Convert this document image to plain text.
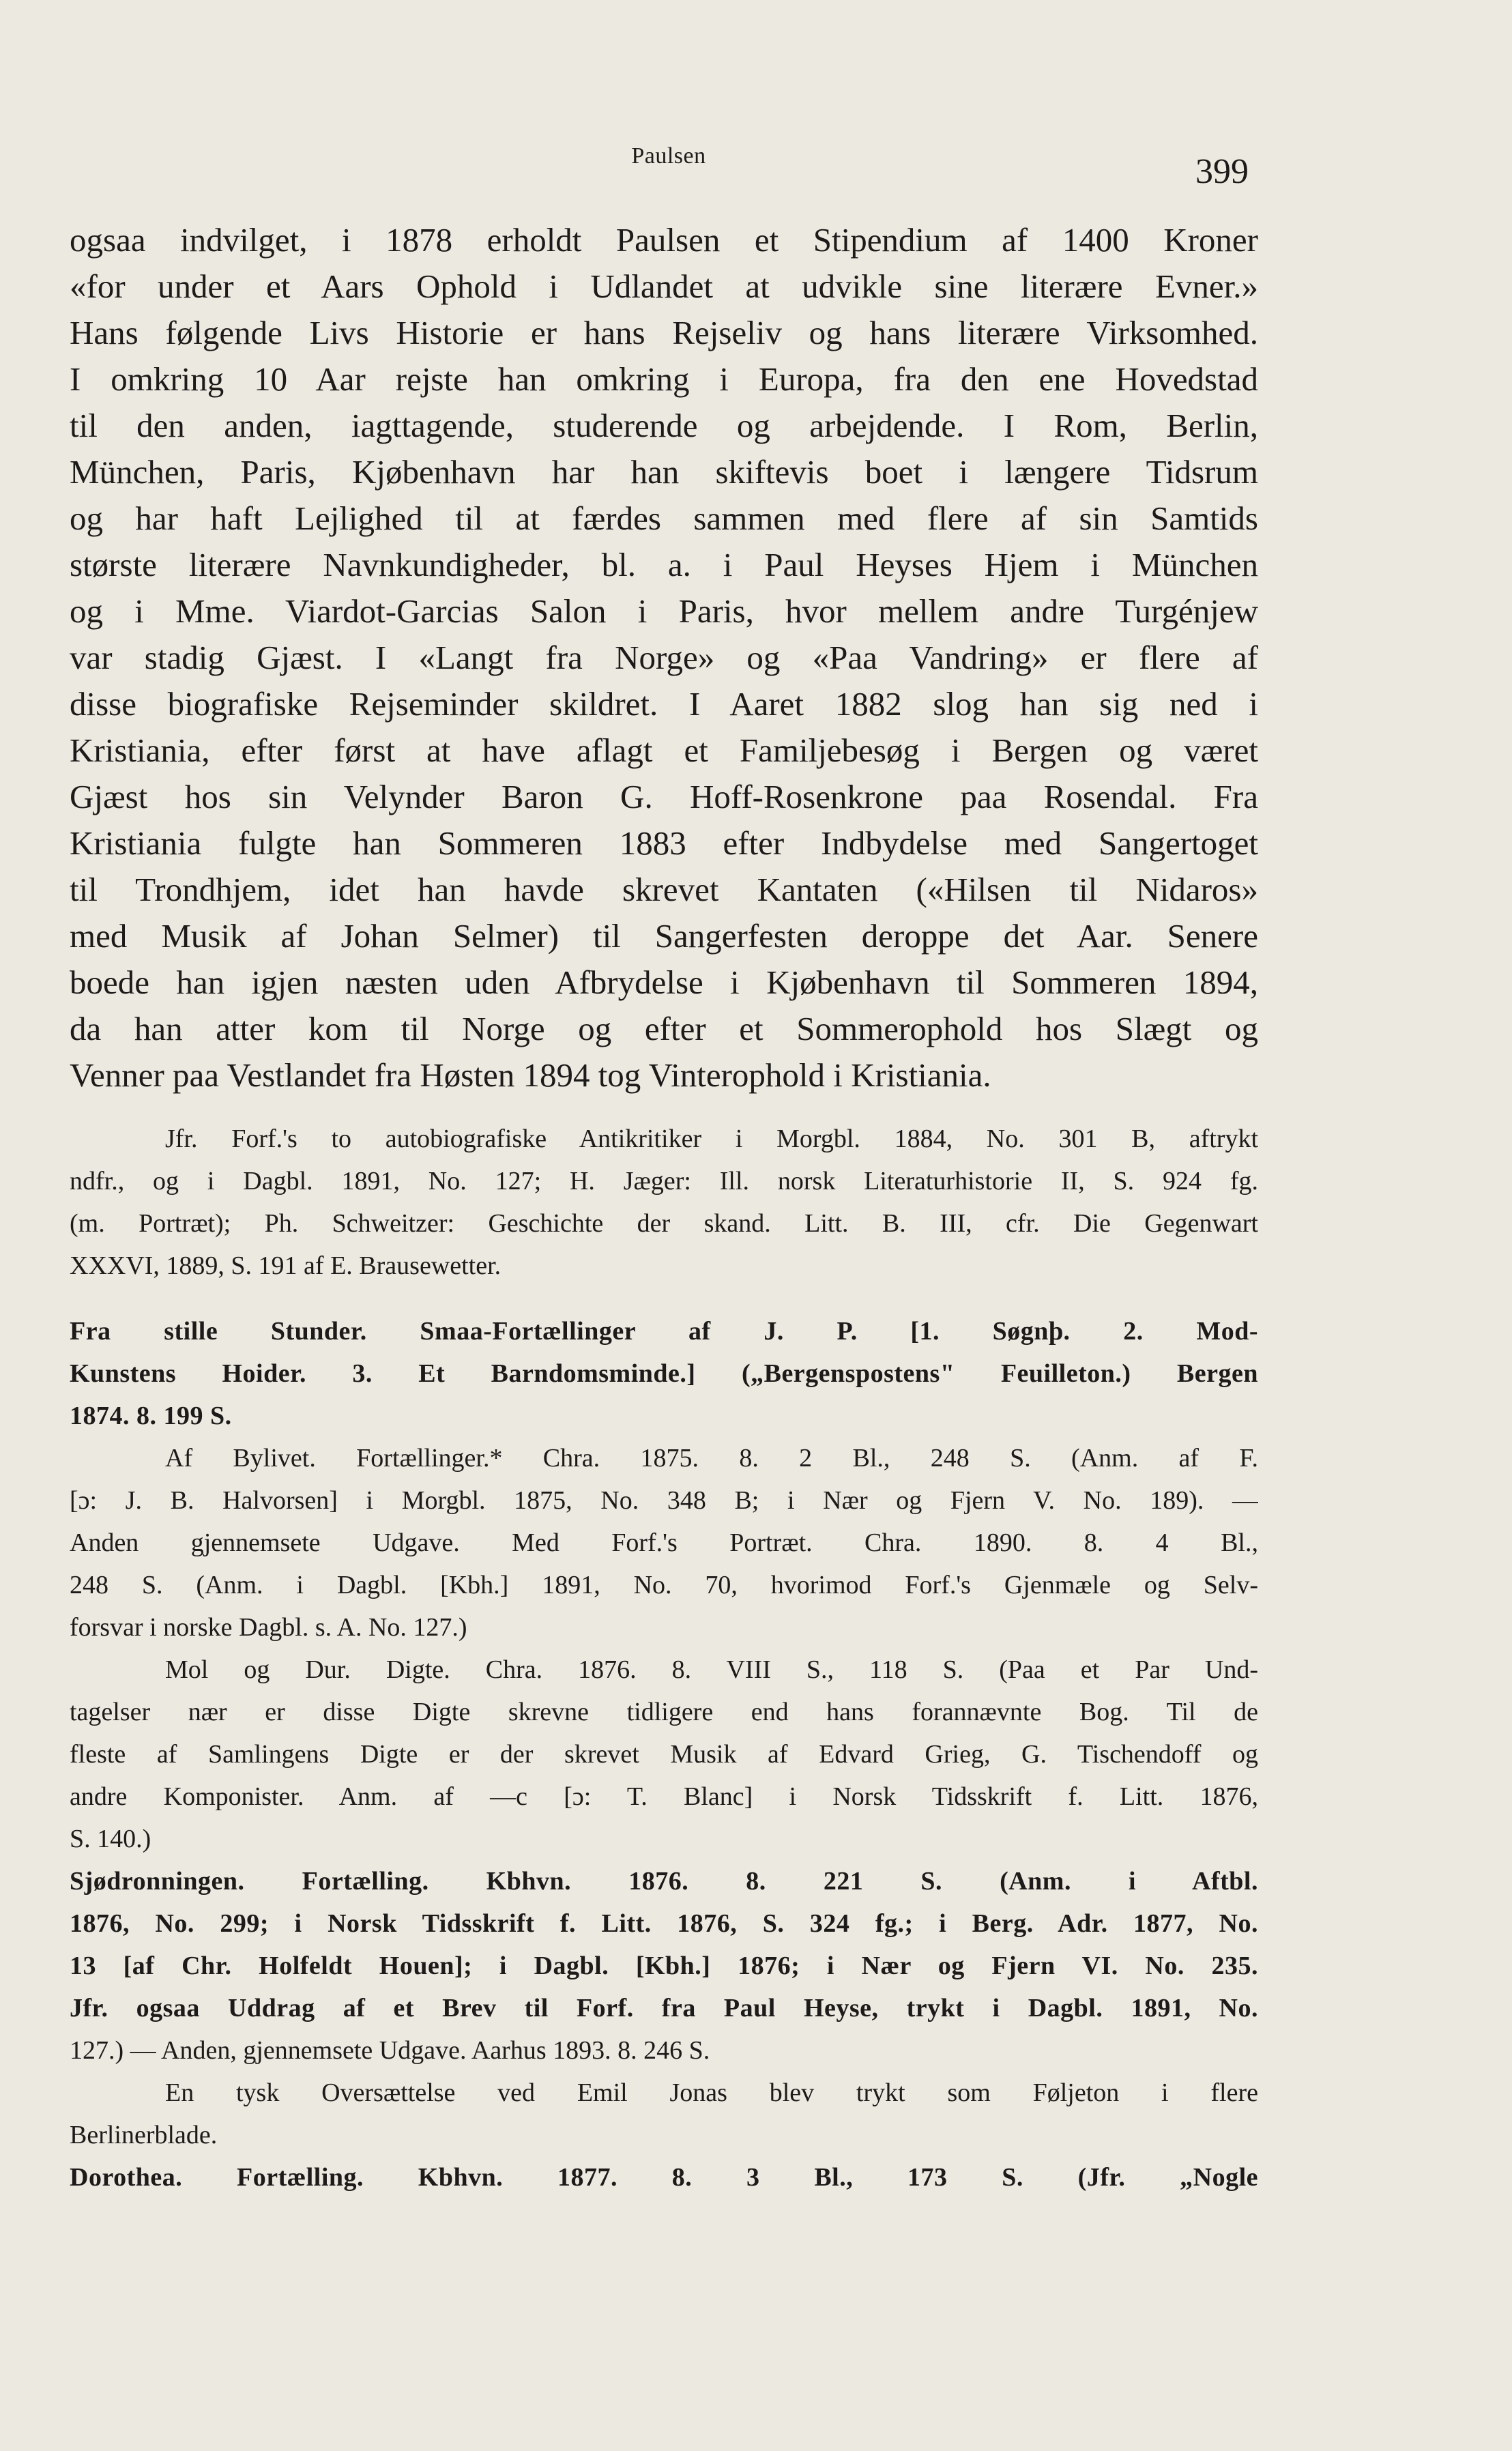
Paulsen	399
ogsaa indvilget, i 1878 erholdt Paulsen et Stipendium af 1400 Kroner
«for under et Aars Ophold i Udlandet at udvikle sine literære Evner.»
Hans følgende Livs Historie er hans Rejseliv og hans literære Virksomhed.
I omkring 10 Aar rejste han omkring i Europa, fra den ene Hovedstad
til den anden, iagttagende, studerende og arbejdende. I Rom, Berlin,
München, Paris, Kjøbenhavn har han skiftevis boet i længere Tidsrum
og har haft Lejlighed til at færdes sammen med flere af sin Samtids
største literære Navnkundigheder, bl. a. i Paul Heyses Hjem i München
og i Mme. Viardot-Garcias Salon i Paris, hvor mellem andre Turgénjew
var stadig Gjæst. I «Langt fra Norge» og «Paa Vandring» er flere af
disse biografiske Rejseminder skildret. I Aaret 1882 slog han sig ned i
Kristiania, efter først at have aflagt et Familjebesøg i Bergen og været
Gjæst hos sin Velynder Baron G. Hoff-Rosenkrone paa Rosendal. Fra
Kristiania fulgte han Sommeren 1883 efter Indbydelse med Sangertoget
til Trondhjem, idet han havde skrevet Kantaten («Hilsen til Nidaros»
med Musik af Johan Selmer) til Sangerfesten deroppe det Aar. Senere
boede han igjen næsten uden Afbrydelse i Kjøbenhavn til Sommeren 1894,
da han atter kom til Norge og efter et Sommerophold hos Slægt og
Venner paa Vestlandet fra Høsten 1894 tog Vinterophold i Kristiania.
Jfr. Forf.'s to autobiografiske Antikritiker i Morgbl. 1884, No. 301 B, aftrykt
ndfr., og i Dagbl. 1891, No. 127; H. Jæger: Ill. norsk Literaturhistorie II, S. 924 fg.
(m. Portræt); Ph. Schweitzer: Geschichte der skand. Litt. B. III, cfr. Die Gegenwart
XXXVI, 1889, S. 191 af E. Brausewetter.
Fra stille Stunder. Smaa-Fortællinger af J. P. [1. Søgnþ. 2. Mod-
Kunstens Hoider. 3. Et Barndomsminde.] („Bergenspostens" Feuilleton.) Bergen
1874. 8. 199 S.
Af Bylivet. Fortællinger.* Chra. 1875. 8. 2 Bl., 248 S. (Anm. af F.
[ɔ: J. B. Halvorsen] i Morgbl. 1875, No. 348 B; i Nær og Fjern V. No. 189). —
Anden gjennemsete Udgave. Med Forf.'s Portræt. Chra. 1890. 8. 4 Bl.,
248 S. (Anm. i Dagbl. [Kbh.] 1891, No. 70, hvorimod Forf.'s Gjenmæle og Selv-
forsvar i norske Dagbl. s. A. No. 127.)
Mol og Dur. Digte. Chra. 1876. 8. VIII S., 118 S. (Paa et Par Und-
tagelser nær er disse Digte skrevne tidligere end hans forannævnte Bog. Til de
fleste af Samlingens Digte er der skrevet Musik af Edvard Grieg, G. Tischendoff og
andre Komponister. Anm. af —c [ɔ: T. Blanc] i Norsk Tidsskrift f. Litt. 1876,
S. 140.)
Sjødronningen. Fortælling. Kbhvn. 1876. 8. 221 S. (Anm. i Aftbl.
1876, No. 299; i Norsk Tidsskrift f. Litt. 1876, S. 324 fg.; i Berg. Adr. 1877, No.
13 [af Chr. Holfeldt Houen]; i Dagbl. [Kbh.] 1876; i Nær og Fjern VI. No. 235.
Jfr. ogsaa Uddrag af et Brev til Forf. fra Paul Heyse, trykt i Dagbl. 1891, No.
127.) — Anden, gjennemsete Udgave. Aarhus 1893. 8. 246 S.
En tysk Oversættelse ved Emil Jonas blev trykt som Føljeton i flere
Berlinerblade.
Dorothea. Fortælling. Kbhvn. 1877. 8. 3 Bl., 173 S. (Jfr. „Nogle
